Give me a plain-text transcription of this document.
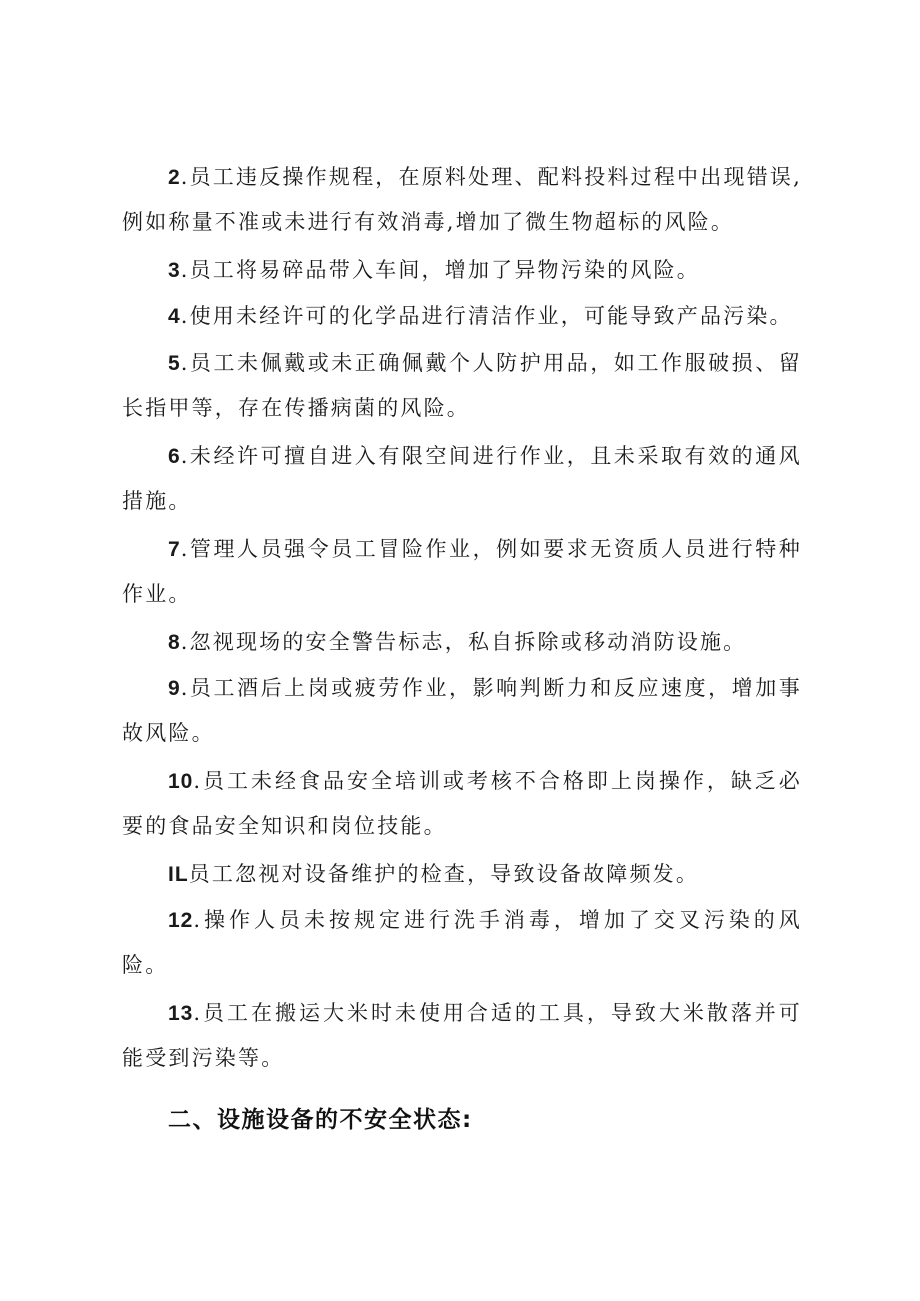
2.员工违反操作规程，在原料处理、配料投料过程中出现错误,例如称量不准或未进行有效消毒,增加了微生物超标的风险。

3.员工将易碎品带入车间，增加了异物污染的风险。

4.使用未经许可的化学品进行清洁作业，可能导致产品污染。

5.员工未佩戴或未正确佩戴个人防护用品，如工作服破损、留长指甲等，存在传播病菌的风险。

6.未经许可擅自进入有限空间进行作业，且未采取有效的通风措施。

7.管理人员强令员工冒险作业，例如要求无资质人员进行特种作业。

8.忽视现场的安全警告标志，私自拆除或移动消防设施。

9.员工酒后上岗或疲劳作业，影响判断力和反应速度，增加事故风险。

10.员工未经食品安全培训或考核不合格即上岗操作，缺乏必要的食品安全知识和岗位技能。

IL员工忽视对设备维护的检查，导致设备故障频发。

12.操作人员未按规定进行洗手消毒，增加了交叉污染的风险。

13.员工在搬运大米时未使用合适的工具，导致大米散落并可能受到污染等。

二、设施设备的不安全状态:
